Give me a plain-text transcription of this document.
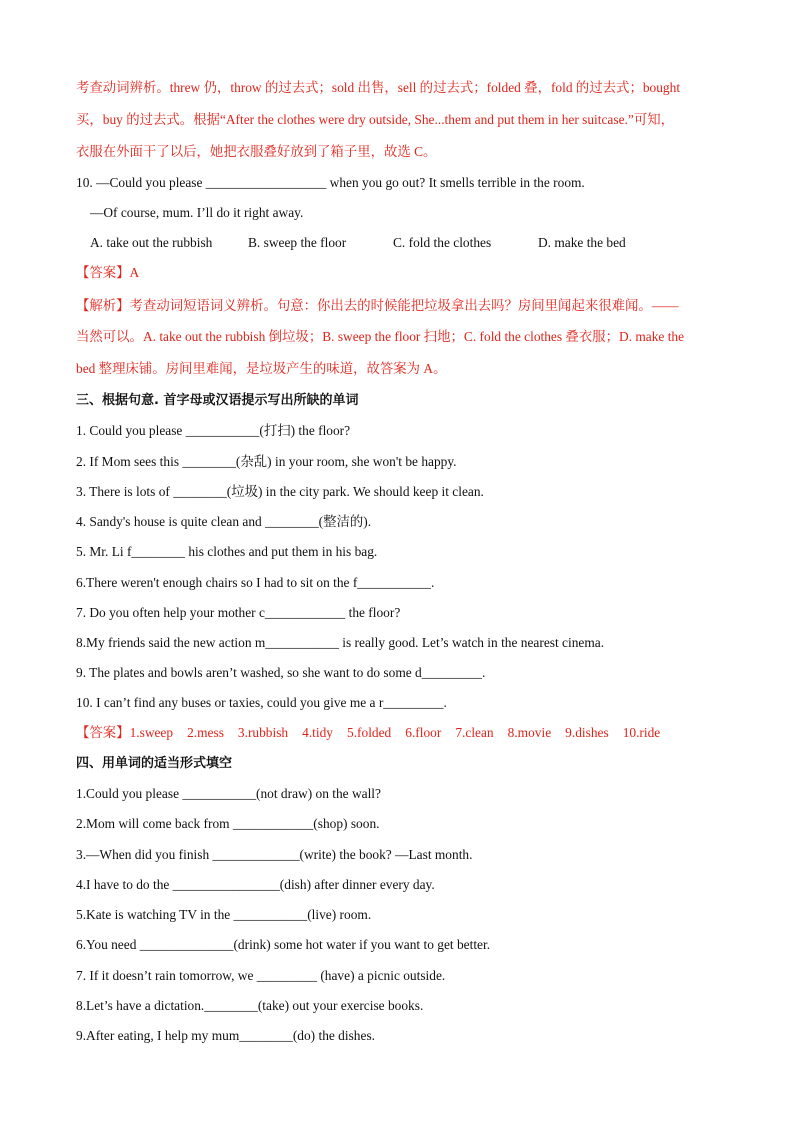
考查动词辨析。threw 仍，throw 的过去式；sold 出售，sell 的过去式；folded 叠，fold 的过去式；bought
买，buy 的过去式。根据“After the clothes were dry outside, She...them and put them in her suitcase.”可知，
衣服在外面干了以后，她把衣服叠好放到了箱子里，故选 C。
10. —Could you please __________________ when you go out? It smells terrible in the room.
—Of course, mum. I’ll do it right away.
A. take out the rubbish	B. sweep the floor	C. fold the clothes	D. make the bed
【答案】A
【解析】考查动词短语词义辨析。句意：你出去的时候能把垃圾拿出去吗？房间里闻起来很难闻。——
当然可以。A. take out the rubbish 倒垃圾；B. sweep the floor 扫地；C. fold the clothes 叠衣服；D. make the
bed 整理床铺。房间里难闻，是垃圾产生的味道，故答案为 A。
三、根据句意. 首字母或汉语提示写出所缺的单词
1. Could you please ___________(打扫) the floor?
2. If Mom sees this ________(杂乱) in your room, she won't be happy.
3. There is lots of ________(垃圾) in the city park. We should keep it clean.
4. Sandy's house is quite clean and ________(整洁的).
5. Mr. Li f________ his clothes and put them in his bag.
6.There weren't enough chairs so I had to sit on the f___________.
7. Do you often help your mother c____________ the floor?
8.My friends said the new action m___________ is really good. Let’s watch in the nearest cinema.
9. The plates and bowls aren’t washed, so she want to do some d_________.
10. I can’t find any buses or taxies, could you give me a r_________.
【答案】1.sweep 2.mess 3.rubbish 4.tidy 5.folded 6.floor 7.clean 8.movie 9.dishes 10.ride
四、用单词的适当形式填空
1.Could you please ___________(not draw) on the wall?
2.Mom will come back from ____________(shop) soon.
3.—When did you finish _____________(write) the book? —Last month.
4.I have to do the ________________(dish) after dinner every day.
5.Kate is watching TV in the ___________(live) room.
6.You need ______________(drink) some hot water if you want to get better.
7. If it doesn’t rain tomorrow, we _________ (have) a picnic outside.
8.Let’s have a dictation.________(take) out your exercise books.
9.After eating, I help my mum________(do) the dishes.
